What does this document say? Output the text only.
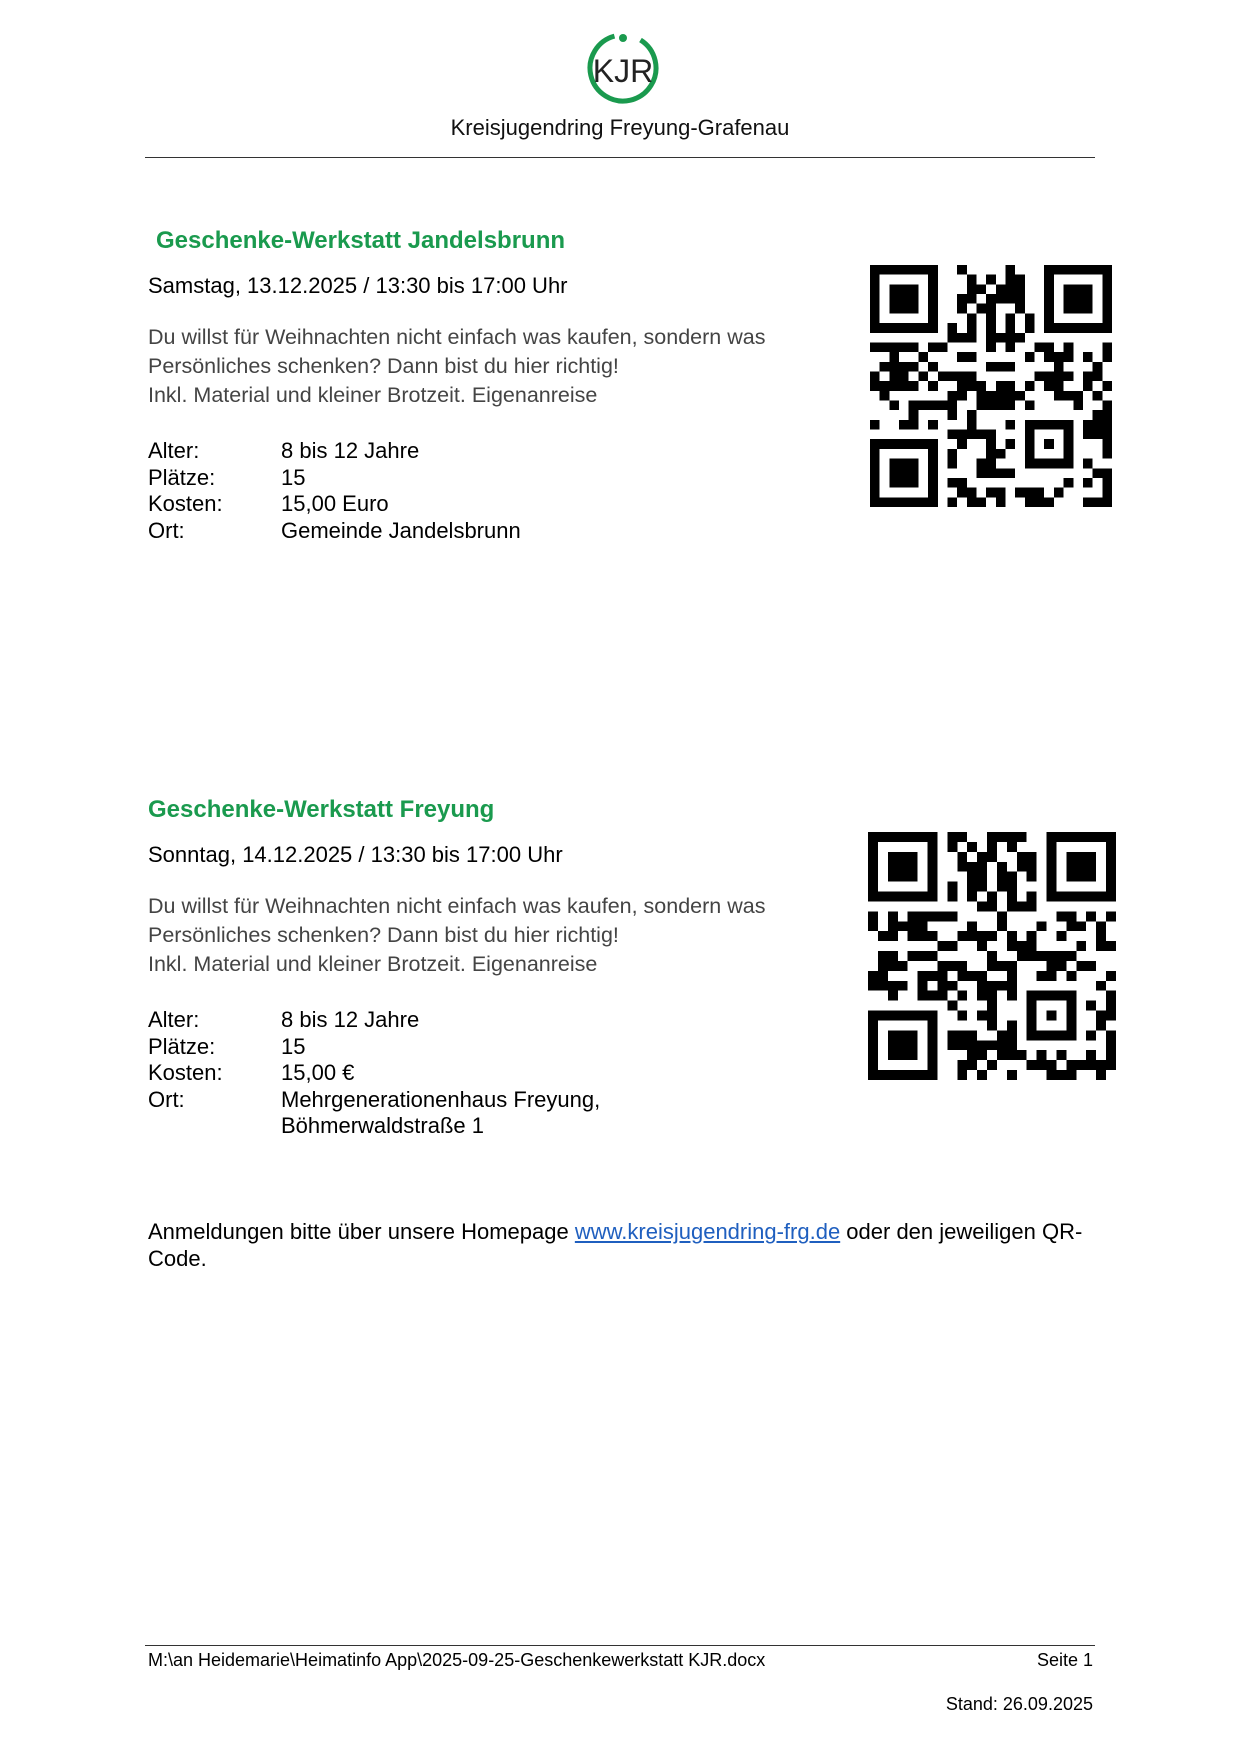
KJR
Kreisjugendring Freyung-Grafenau
Geschenke-Werkstatt Jandelsbrunn
Samstag, 13.12.2025 / 13:30 bis 17:00 Uhr
Du willst für Weihnachten nicht einfach was kaufen, sondern was
Persönliches schenken? Dann bist du hier richtig!
Inkl. Material und kleiner Brotzeit. Eigenanreise
Alter:	8 bis 12 Jahre
Plätze:	15
Kosten:	15,00 Euro
Ort:	Gemeinde Jandelsbrunn
Geschenke-Werkstatt Freyung
Sonntag, 14.12.2025 / 13:30 bis 17:00 Uhr
Du willst für Weihnachten nicht einfach was kaufen, sondern was
Persönliches schenken? Dann bist du hier richtig!
Inkl. Material und kleiner Brotzeit. Eigenanreise
Alter:	8 bis 12 Jahre
Plätze:	15
Kosten:	15,00 €
Ort:	Mehrgenerationenhaus Freyung,
Böhmerwaldstraße 1
Anmeldungen bitte über unsere Homepage www.kreisjugendring-frg.de oder den jeweiligen QR-Code.
M:\an Heidemarie\Heimatinfo App\2025-09-25-Geschenkewerkstatt KJR.docx	Seite 1
Stand: 26.09.2025
